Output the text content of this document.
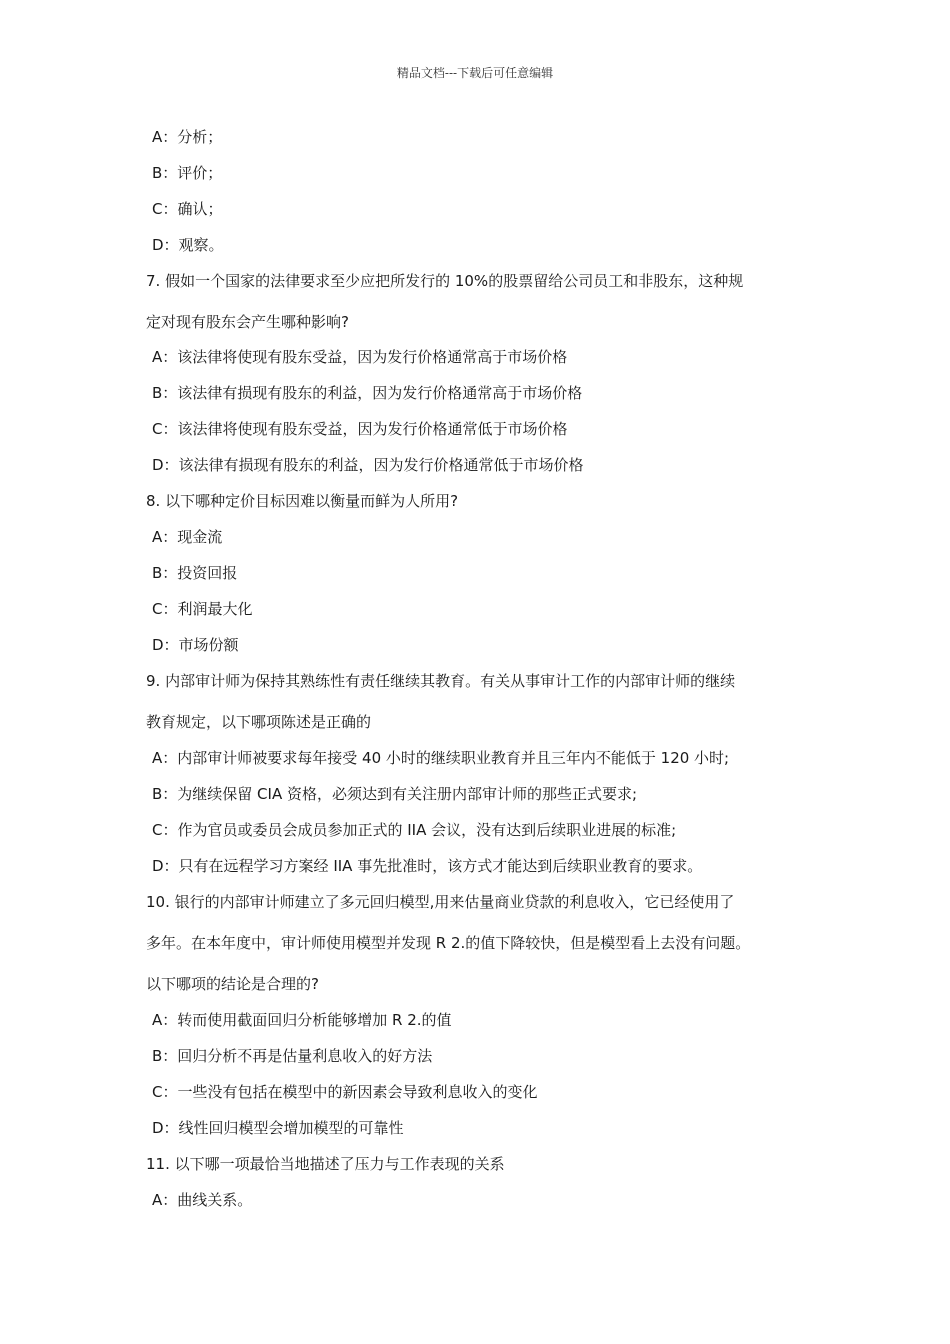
精品文档---下载后可任意编辑
A：分析；
B：评价；
C：确认；
D：观察。
7. 假如一个国家的法律要求至少应把所发行的 10%的股票留给公司员工和非股东，这种规
定对现有股东会产生哪种影响?
A：该法律将使现有股东受益，因为发行价格通常高于市场价格
B：该法律有损现有股东的利益，因为发行价格通常高于市场价格
C：该法律将使现有股东受益，因为发行价格通常低于市场价格
D：该法律有损现有股东的利益，因为发行价格通常低于市场价格
8. 以下哪种定价目标因难以衡量而鲜为人所用?
A：现金流
B：投资回报
C：利润最大化
D：市场份额
9. 内部审计师为保持其熟练性有责任继续其教育。有关从事审计工作的内部审计师的继续
教育规定，以下哪项陈述是正确的
A：内部审计师被要求每年接受 40 小时的继续职业教育并且三年内不能低于 120 小时;
B：为继续保留 CIA 资格，必须达到有关注册内部审计师的那些正式要求;
C：作为官员或委员会成员参加正式的 IIA 会议，没有达到后续职业进展的标准;
D：只有在远程学习方案经 IIA 事先批准时，该方式才能达到后续职业教育的要求。
10. 银行的内部审计师建立了多元回归模型,用来估量商业贷款的利息收入，它已经使用了
多年。在本年度中，审计师使用模型并发现 R 2.的值下降较快，但是模型看上去没有问题。
以下哪项的结论是合理的?
A：转而使用截面回归分析能够增加 R 2.的值
B：回归分析不再是估量利息收入的好方法
C：一些没有包括在模型中的新因素会导致利息收入的变化
D：线性回归模型会增加模型的可靠性
11. 以下哪一项最恰当地描述了压力与工作表现的关系
A：曲线关系。
